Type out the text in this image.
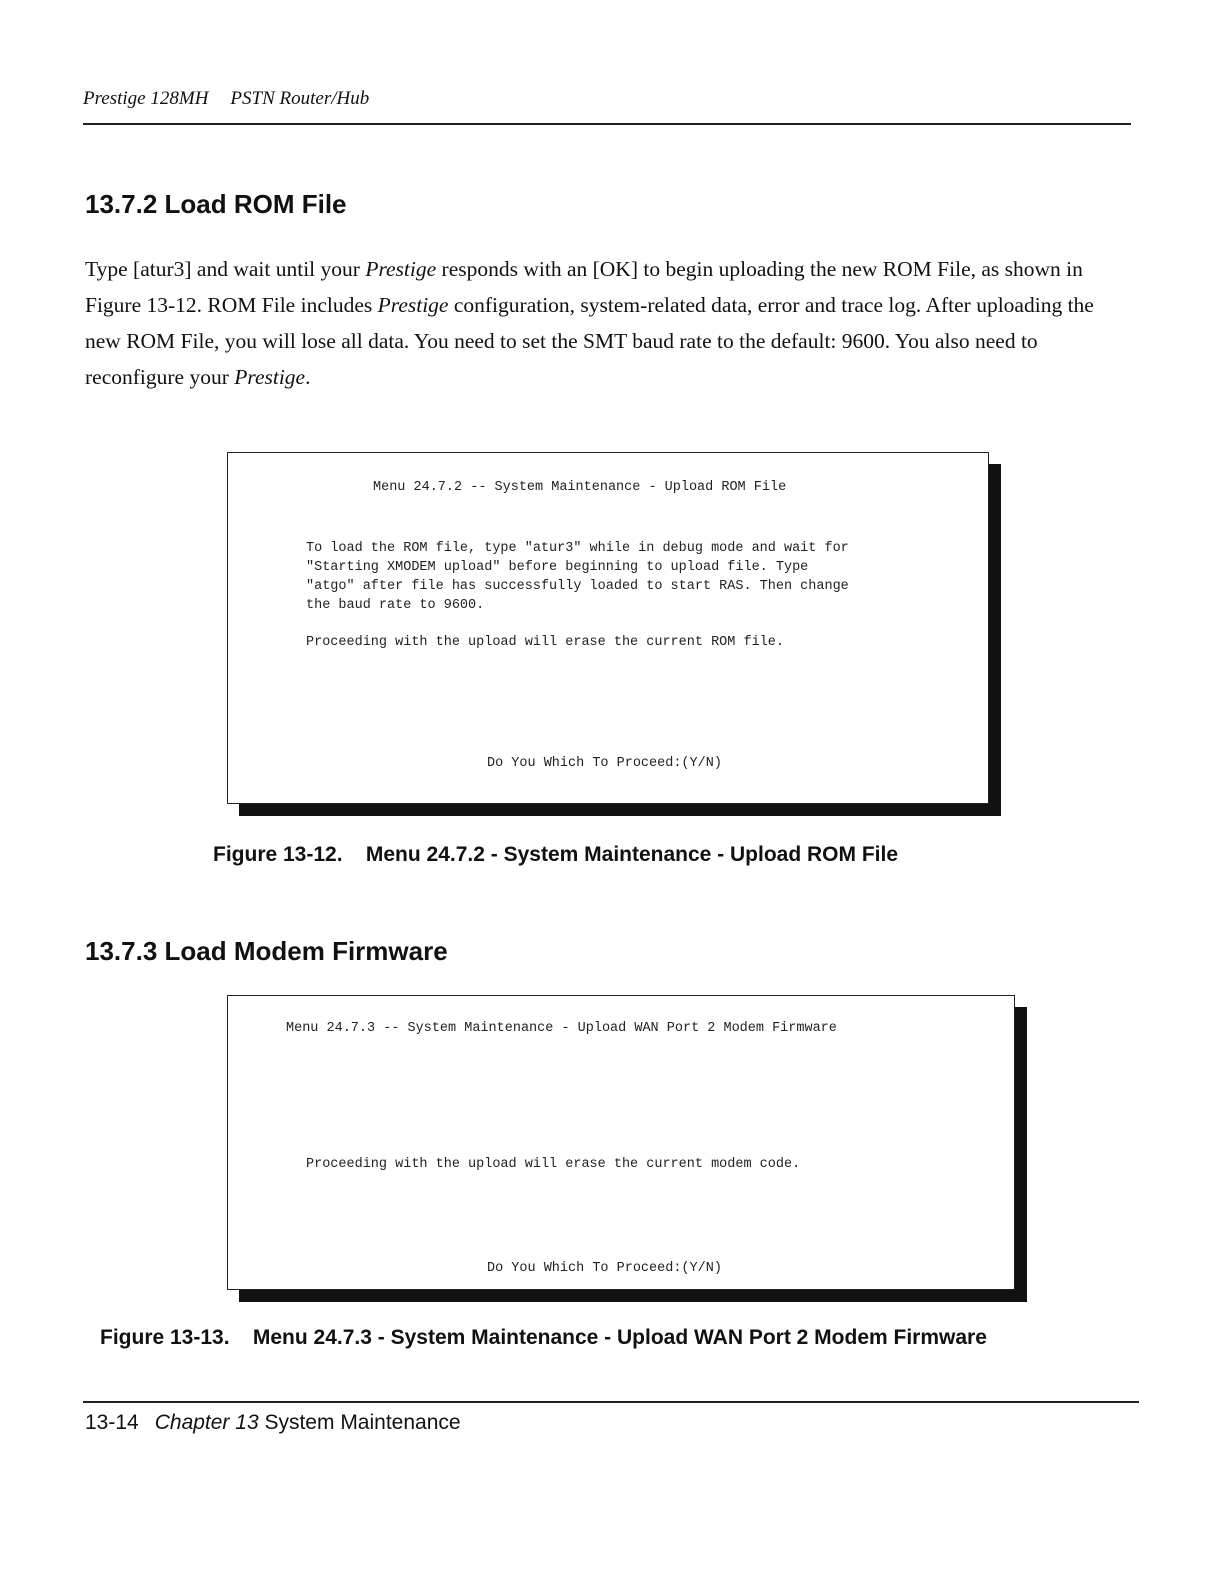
Prestige 128MH PSTN Router/Hub
13.7.2 Load ROM File
Type [atur3] and wait until your Prestige responds with an [OK] to begin uploading the new ROM File, as shown in Figure 13-12. ROM File includes Prestige configuration, system-related data, error and trace log. After uploading the new ROM File, you will lose all data. You need to set the SMT baud rate to the default: 9600. You also need to reconfigure your Prestige.
Menu 24.7.2 -- System Maintenance - Upload ROM File
To load the ROM file, type "atur3" while in debug mode and wait for
"Starting XMODEM upload" before beginning to upload file. Type
"atgo" after file has successfully loaded to start RAS. Then change
the baud rate to 9600.
Proceeding with the upload will erase the current ROM file.
Do You Which To Proceed:(Y/N)
Figure 13-12.    Menu 24.7.2 - System Maintenance - Upload ROM File
13.7.3 Load Modem Firmware
Menu 24.7.3 -- System Maintenance - Upload WAN Port 2 Modem Firmware
Proceeding with the upload will erase the current modem code.
Do You Which To Proceed:(Y/N)
Figure 13-13.    Menu 24.7.3 - System Maintenance - Upload WAN Port 2 Modem Firmware
13-14 Chapter 13 System Maintenance
